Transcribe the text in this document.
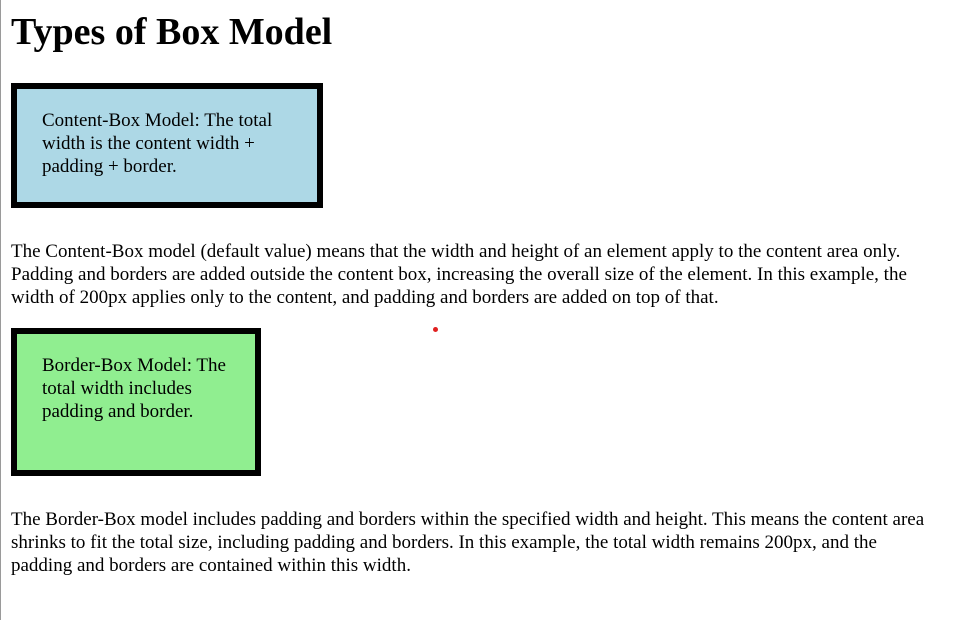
Types of Box Model
Content-Box Model: The total width is the content width + padding + border.

The Content-Box model (default value) means that the width and height of an element apply to the content area only. Padding and borders are added outside the content box, increasing the overall size of the element. In this example, the width of 200px applies only to the content, and padding and borders are added on top of that.

Border-Box Model: The total width includes padding and border.

The Border-Box model includes padding and borders within the specified width and height. This means the content area shrinks to fit the total size, including padding and borders. In this example, the total width remains 200px, and the padding and borders are contained within this width.
